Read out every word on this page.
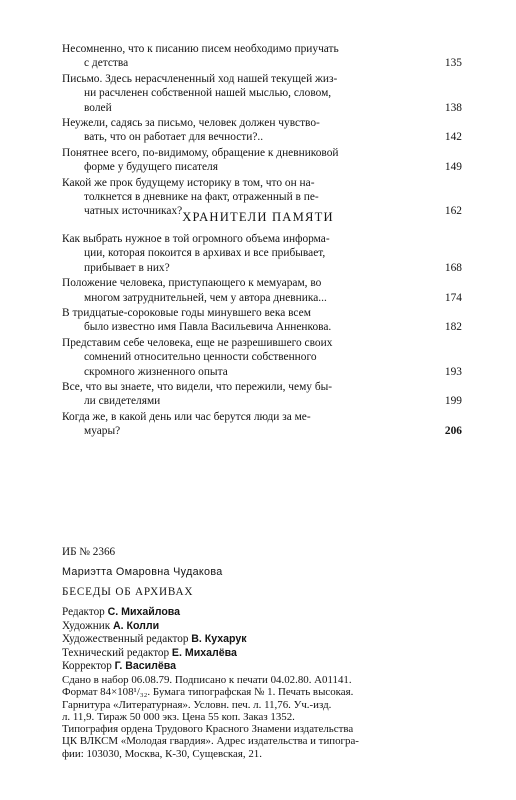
Несомненно, что к писанию писем необходимо приучать
с детства	135
Письмо. Здесь нерасчлененный ход нашей текущей жиз-
ни расчленен собственной нашей мыслью, словом,
волей	138
Неужели, садясь за письмо, человек должен чувство-
вать, что он работает для вечности?..	142
Понятнее всего, по-видимому, обращение к дневниковой
форме у будущего писателя	149
Какой же прок будущему историку в том, что он на-
толкнется в дневнике на факт, отраженный в пе-
чатных источниках?	162
ХРАНИТЕЛИ ПАМЯТИ
Как выбрать нужное в той огромного объема информа-
ции, которая покоится в архивах и все прибывает,
прибывает в них?	168
Положение человека, приступающего к мемуарам, во
многом затруднительней, чем у автора дневника...	174
В тридцатые-сороковые годы минувшего века всем
было известно имя Павла Васильевича Анненкова.	182
Представим себе человека, еще не разрешившего своих
сомнений относительно ценности собственного
скромного жизненного опыта	193
Все, что вы знаете, что видели, что пережили, чему бы-
ли свидетелями	199
Когда же, в какой день или час берутся люди за ме-
муары?	206
ИБ № 2366
Мариэтта Омаровна Чудакова
БЕСЕДЫ ОБ АРХИВАХ
Редактор С. Михайлова
Художник А. Колли
Художественный редактор В. Кухарук
Технический редактор Е. Михалёва
Корректор Г. Василёва
Сдано в набор 06.08.79. Подписано к печати 04.02.80. А01141.
Формат 84×108¹/₃₂. Бумага типографская № 1. Печать высокая.
Гарнитура «Литературная». Условн. печ. л. 11,76. Уч.-изд.
л. 11,9. Тираж 50 000 экз. Цена 55 коп. Заказ 1352.
Типография ордена Трудового Красного Знамени издательства
ЦК ВЛКСМ «Молодая гвардия». Адрес издательства и типогра-
фии: 103030, Москва, К-30, Сущевская, 21.
